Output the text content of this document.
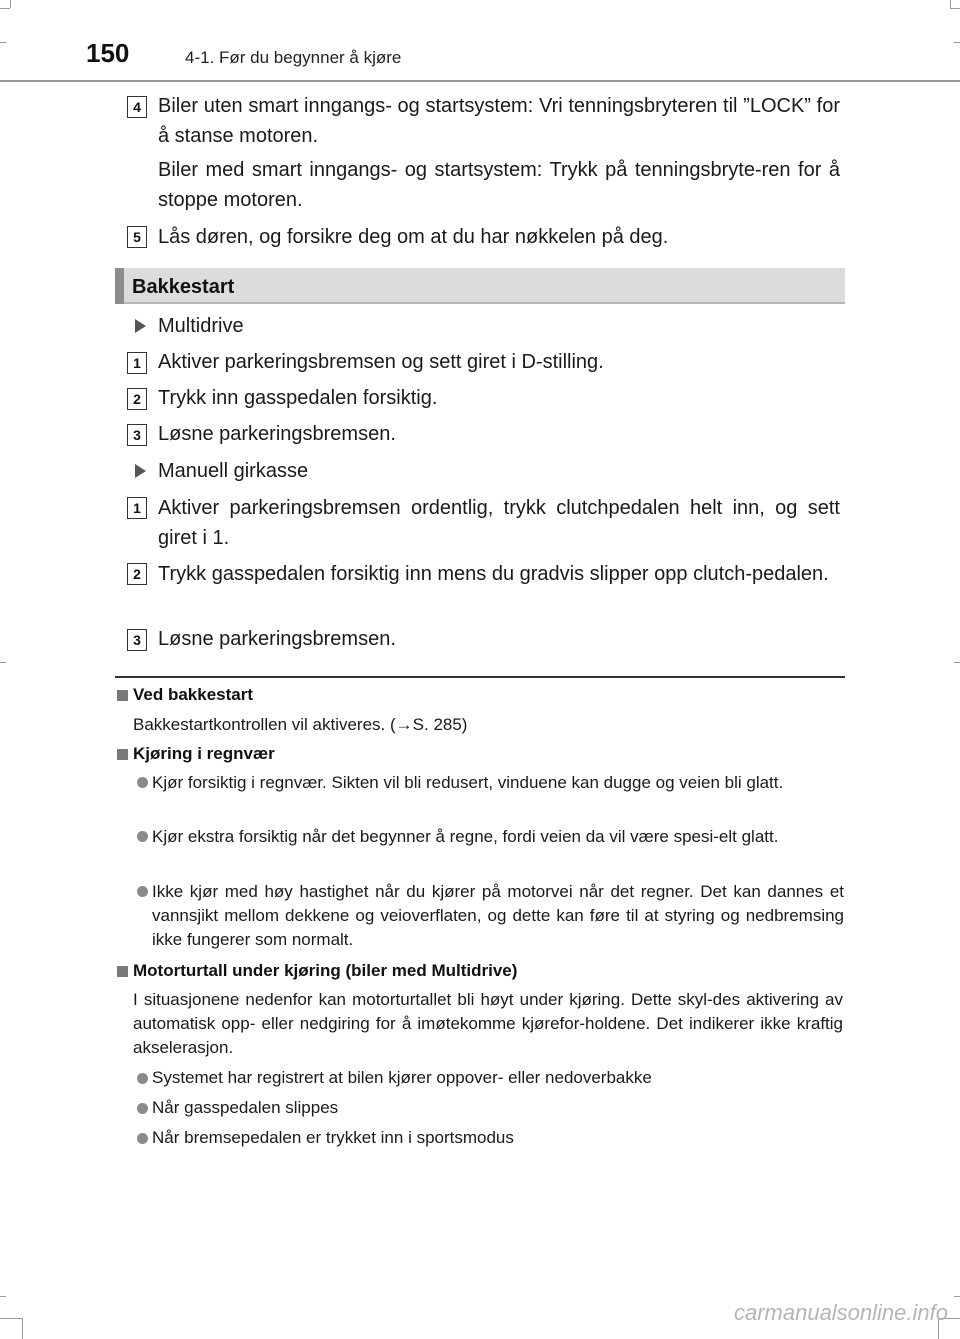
150	4-1. Før du begynner å kjøre
4 Biler uten smart inngangs- og startsystem: Vri tenningsbryteren til ”LOCK” for å stanse motoren.
Biler med smart inngangs- og startsystem: Trykk på tenningsbryte-ren for å stoppe motoren.
5 Lås døren, og forsikre deg om at du har nøkkelen på deg.
Bakkestart
Multidrive
1 Aktiver parkeringsbremsen og sett giret i D-stilling.
2 Trykk inn gasspedalen forsiktig.
3 Løsne parkeringsbremsen.
Manuell girkasse
1 Aktiver parkeringsbremsen ordentlig, trykk clutchpedalen helt inn, og sett giret i 1.
2 Trykk gasspedalen forsiktig inn mens du gradvis slipper opp clutch-pedalen.
3 Løsne parkeringsbremsen.
Ved bakkestart
Bakkestartkontrollen vil aktiveres. (→S. 285)
Kjøring i regnvær
Kjør forsiktig i regnvær. Sikten vil bli redusert, vinduene kan dugge og veien bli glatt.
Kjør ekstra forsiktig når det begynner å regne, fordi veien da vil være spesi-elt glatt.
Ikke kjør med høy hastighet når du kjører på motorvei når det regner. Det kan dannes et vannsjikt mellom dekkene og veioverflaten, og dette kan føre til at styring og nedbremsing ikke fungerer som normalt.
Motorturtall under kjøring (biler med Multidrive)
I situasjonene nedenfor kan motorturtallet bli høyt under kjøring. Dette skyl-des aktivering av automatisk opp- eller nedgiring for å imøtekomme kjørefor-holdene. Det indikerer ikke kraftig akselerasjon.
Systemet har registrert at bilen kjører oppover- eller nedoverbakke
Når gasspedalen slippes
Når bremsepedalen er trykket inn i sportsmodus
carmanualsonline.info
